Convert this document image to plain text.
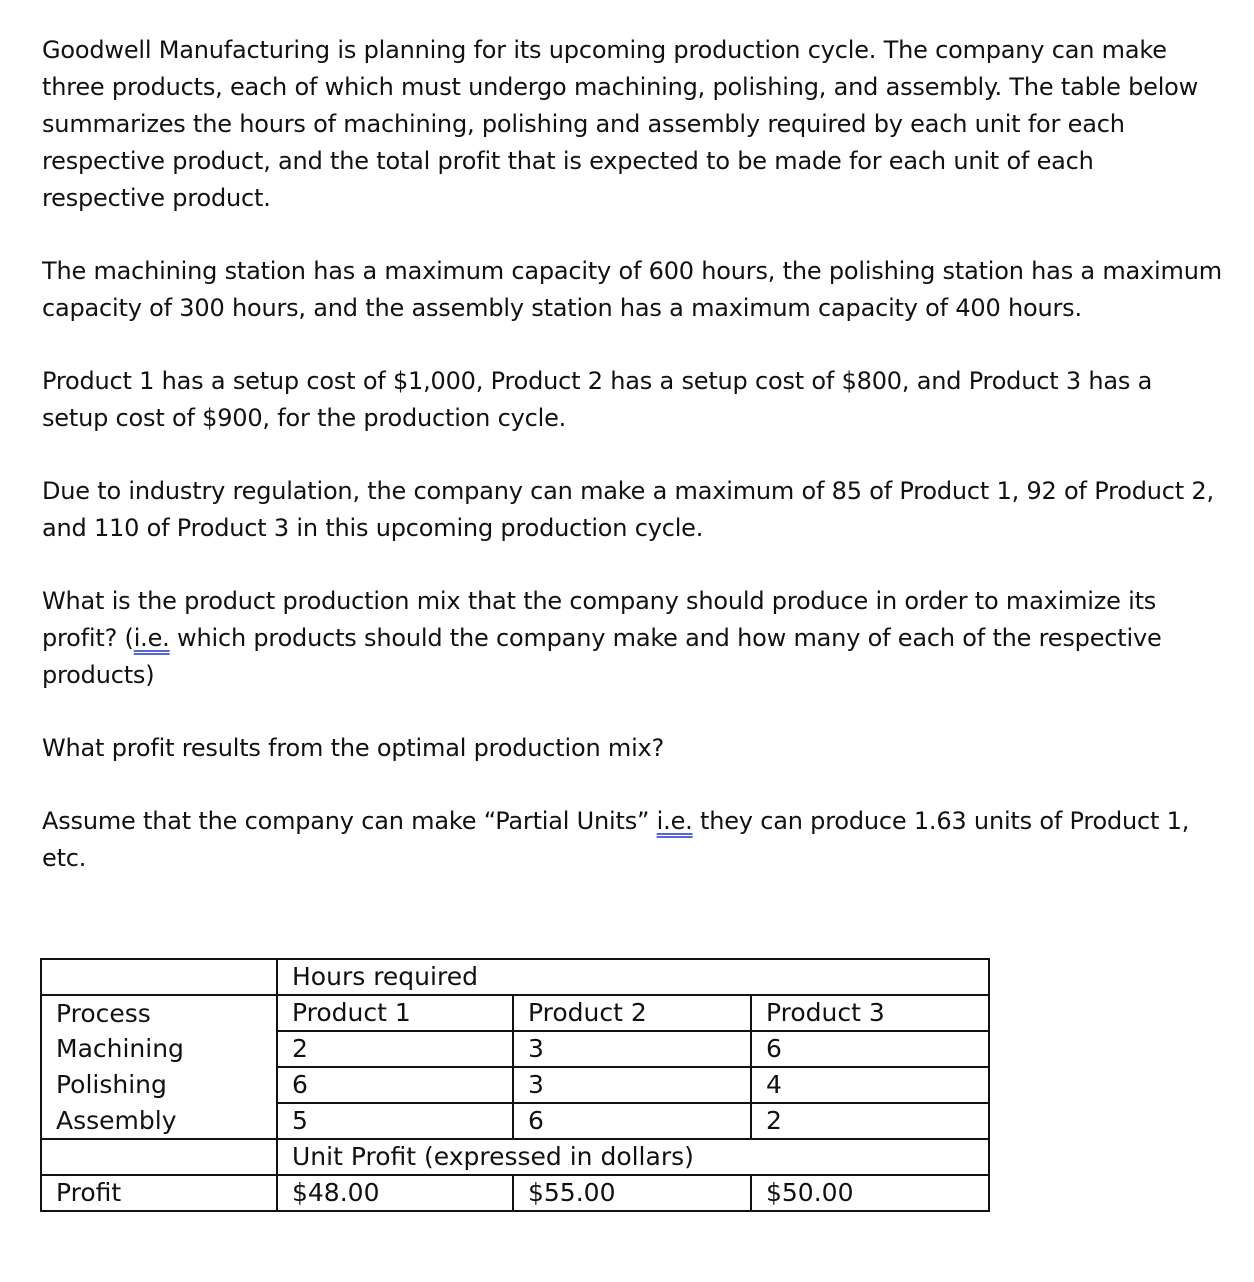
Goodwell Manufacturing is planning for its upcoming production cycle. The company can make three products, each of which must undergo machining, polishing, and assembly. The table below summarizes the hours of machining, polishing and assembly required by each unit for each respective product, and the total profit that is expected to be made for each unit of each respective product.

The machining station has a maximum capacity of 600 hours, the polishing station has a maximum capacity of 300 hours, and the assembly station has a maximum capacity of 400 hours.

Product 1 has a setup cost of $1,000, Product 2 has a setup cost of $800, and Product 3 has a setup cost of $900, for the production cycle.

Due to industry regulation, the company can make a maximum of 85 of Product 1, 92 of Product 2, and 110 of Product 3 in this upcoming production cycle.

What is the product production mix that the company should produce in order to maximize its profit? (i.e. which products should the company make and how many of each of the respective products)

What profit results from the optimal production mix?

Assume that the company can make “Partial Units” i.e. they can produce 1.63 units of Product 1, etc.

	Hours required		
Process	Product 1	Product 2	Product 3
Machining	2	3	6
Polishing	6	3	4
Assembly	5	6	2
	Unit Profit (expressed in dollars)		
Profit	$48.00	$55.00	$50.00
